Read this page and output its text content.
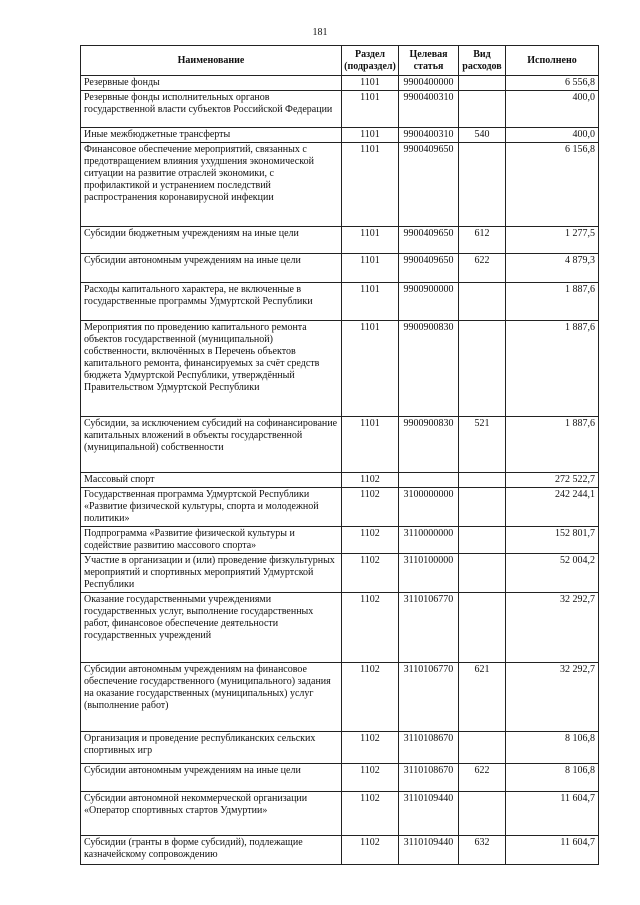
181
Наименование	Раздел (подраздел)	Целевая статья	Вид расходов	Исполнено
Резервные фонды	1101	9900400000		6 556,8
Резервные фонды исполнительных органов государственной власти субъектов Российской Федерации	1101	9900400310		400,0
Иные межбюджетные трансферты	1101	9900400310	540	400,0
Финансовое обеспечение мероприятий, связанных с предотвращением влияния ухудшения экономической ситуации на развитие отраслей экономики, с профилактикой и устранением последствий распространения коронавирусной инфекции	1101	9900409650		6 156,8
Субсидии бюджетным учреждениям на иные цели	1101	9900409650	612	1 277,5
Субсидии автономным учреждениям на иные цели	1101	9900409650	622	4 879,3
Расходы капитального характера, не включенные в государственные программы Удмуртской Республики	1101	9900900000		1 887,6
Мероприятия по проведению капитального ремонта объектов государственной (муниципальной) собственности, включённых в Перечень объектов капитального ремонта, финансируемых за счёт средств бюджета Удмуртской Республики, утверждённый Правительством Удмуртской Республики	1101	9900900830		1 887,6
Субсидии, за исключением субсидий на софинансирование капитальных вложений в объекты государственной (муниципальной) собственности	1101	9900900830	521	1 887,6
Массовый спорт	1102			272 522,7
Государственная программа Удмуртской Республики «Развитие физической культуры, спорта и молодежной политики»	1102	3100000000		242 244,1
Подпрограмма «Развитие физической культуры и содействие развитию массового спорта»	1102	3110000000		152 801,7
Участие в организации и (или) проведение физкультурных мероприятий и спортивных мероприятий Удмуртской Республики	1102	3110100000		52 004,2
Оказание государственными учреждениями государственных услуг, выполнение государственных работ, финансовое обеспечение деятельности государственных учреждений	1102	3110106770		32 292,7
Субсидии автономным учреждениям на финансовое обеспечение государственного (муниципального) задания на оказание государственных (муниципальных) услуг (выполнение работ)	1102	3110106770	621	32 292,7
Организация и проведение республиканских сельских спортивных игр	1102	3110108670		8 106,8
Субсидии автономным учреждениям на иные цели	1102	3110108670	622	8 106,8
Субсидии автономной некоммерческой организации «Оператор спортивных стартов Удмуртии»	1102	3110109440		11 604,7
Субсидии (гранты в форме субсидий), подлежащие казначейскому сопровождению	1102	3110109440	632	11 604,7
